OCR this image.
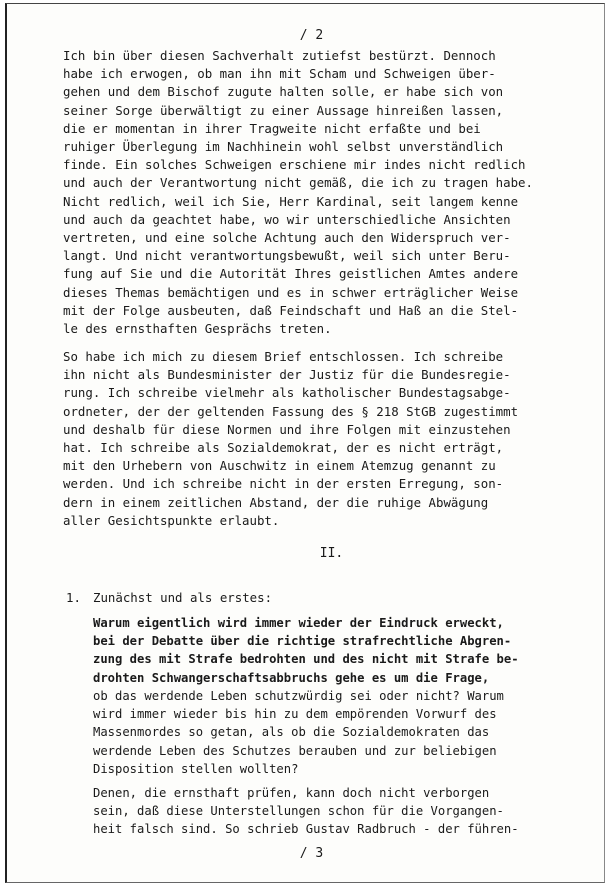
/ 2
Ich bin über diesen Sachverhalt zutiefst bestürzt. Dennoch
habe ich erwogen, ob man ihn mit Scham und Schweigen über-
gehen und dem Bischof zugute halten solle, er habe sich von
seiner Sorge überwältigt zu einer Aussage hinreißen lassen,
die er momentan in ihrer Tragweite nicht erfaßte und bei
ruhiger Überlegung im Nachhinein wohl selbst unverständlich
finde. Ein solches Schweigen erschiene mir indes nicht redlich
und auch der Verantwortung nicht gemäß, die ich zu tragen habe.
Nicht redlich, weil ich Sie, Herr Kardinal, seit langem kenne
und auch da geachtet habe, wo wir unterschiedliche Ansichten
vertreten, und eine solche Achtung auch den Widerspruch ver-
langt. Und nicht verantwortungsbewußt, weil sich unter Beru-
fung auf Sie und die Autorität Ihres geistlichen Amtes andere
dieses Themas bemächtigen und es in schwer erträglicher Weise
mit der Folge ausbeuten, daß Feindschaft und Haß an die Stel-
le des ernsthaften Gesprächs treten.
So habe ich mich zu diesem Brief entschlossen. Ich schreibe
ihn nicht als Bundesminister der Justiz für die Bundesregie-
rung. Ich schreibe vielmehr als katholischer Bundestagsabge-
ordneter, der der geltenden Fassung des § 218 StGB zugestimmt
und deshalb für diese Normen und ihre Folgen mit einzustehen
hat. Ich schreibe als Sozialdemokrat, der es nicht erträgt,
mit den Urhebern von Auschwitz in einem Atemzug genannt zu
werden. Und ich schreibe nicht in der ersten Erregung, son-
dern in einem zeitlichen Abstand, der die ruhige Abwägung
aller Gesichtspunkte erlaubt.
II.
1. Zunächst und als erstes:
Warum eigentlich wird immer wieder der Eindruck erweckt,
bei der Debatte über die richtige strafrechtliche Abgren-
zung des mit Strafe bedrohten und des nicht mit Strafe be-
drohten Schwangerschaftsabbruchs gehe es um die Frage,
ob das werdende Leben schutzwürdig sei oder nicht? Warum
wird immer wieder bis hin zu dem empörenden Vorwurf des
Massenmordes so getan, als ob die Sozialdemokraten das
werdende Leben des Schutzes berauben und zur beliebigen
Disposition stellen wollten?
Denen, die ernsthaft prüfen, kann doch nicht verborgen
sein, daß diese Unterstellungen schon für die Vorgangen-
heit falsch sind. So schrieb Gustav Radbruch - der führen-
/ 3
